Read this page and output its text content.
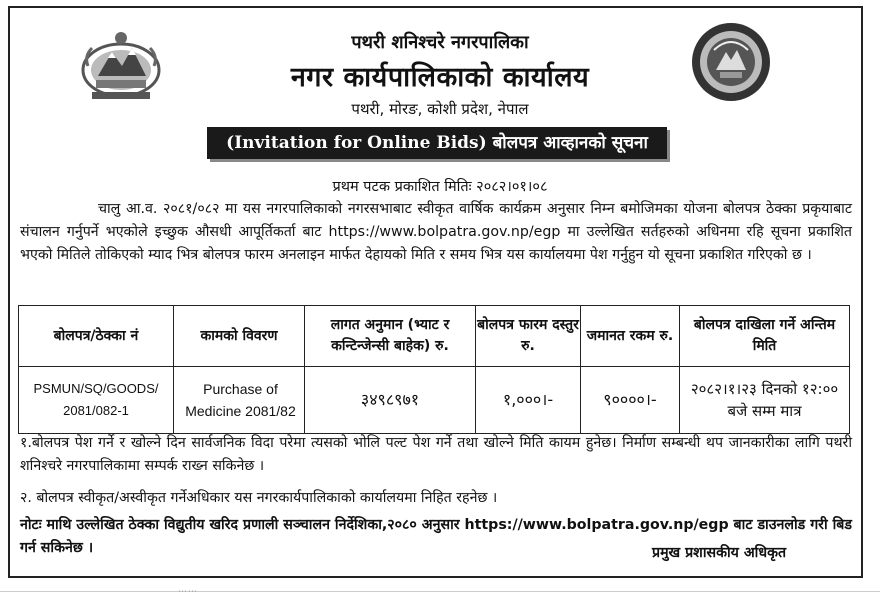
पथरी शनिश्चरे नगरपालिका
नगर कार्यपालिकाको कार्यालय
पथरी, मोरङ, कोशी प्रदेश, नेपाल
(Invitation for Online Bids) बोलपत्र आव्हानको सूचना
प्रथम पटक प्रकाशित मितिः २०८२।०१।०८
चालु आ.व. २०८१/०८२ मा यस नगरपालिकाको नगरसभाबाट स्वीकृत वार्षिक कार्यक्रम अनुसार निम्न बमोजिमका योजना बोलपत्र ठेक्का प्रकृयाबाट संचालन गर्नुपर्ने भएकोले इच्छुक औसधी आपूर्तिकर्ता बाट https://www.bolpatra.gov.np/egp मा उल्लेखित सर्तहरुको अधिनमा रहि सूचना प्रकाशित भएको मितिले तोकिएको म्याद भित्र बोलपत्र फारम अनलाइन मार्फत देहायको मिति र समय भित्र यस कार्यालयमा पेश गर्नुहुन यो सूचना प्रकाशित गरिएको छ ।
बोलपत्र/ठेक्का नं	कामको विवरण	लागत अनुमान (भ्याट र कन्टिन्जेन्सी बाहेक) रु.	बोलपत्र फारम दस्तुर रु.	जमानत रकम रु.	बोलपत्र दाखिला गर्ने अन्तिम मिति
PSMUN/SQ/GOODS/ 2081/082-1	Purchase of Medicine 2081/82	३४९८९७१	१,०००।-	९००००।-	२०८२।१।२३ दिनको १२:०० बजे सम्म मात्र
१.बोलपत्र पेश गर्ने र खोल्ने दिन सार्वजनिक विदा परेमा त्यसको भोलि पल्ट पेश गर्ने तथा खोल्ने मिति कायम हुनेछ। निर्माण सम्बन्धी थप जानकारीका लागि पथरी शनिश्चरे नगरपालिकामा सम्पर्क राख्न सकिनेछ ।
२. बोलपत्र स्वीकृत/अस्वीकृत गर्नेअधिकार यस नगरकार्यपालिकाको कार्यालयमा निहित रहनेछ ।
नोटः माथि उल्लेखित ठेक्का विद्युतीय खरिद प्रणाली सञ्चालन निर्देशिका,२०८० अनुसार https://www.bolpatra.gov.np/egp बाट डाउनलोड गरी बिड गर्न सकिनेछ ।	प्रमुख प्रशासकीय अधिकृत
⋯⋯
